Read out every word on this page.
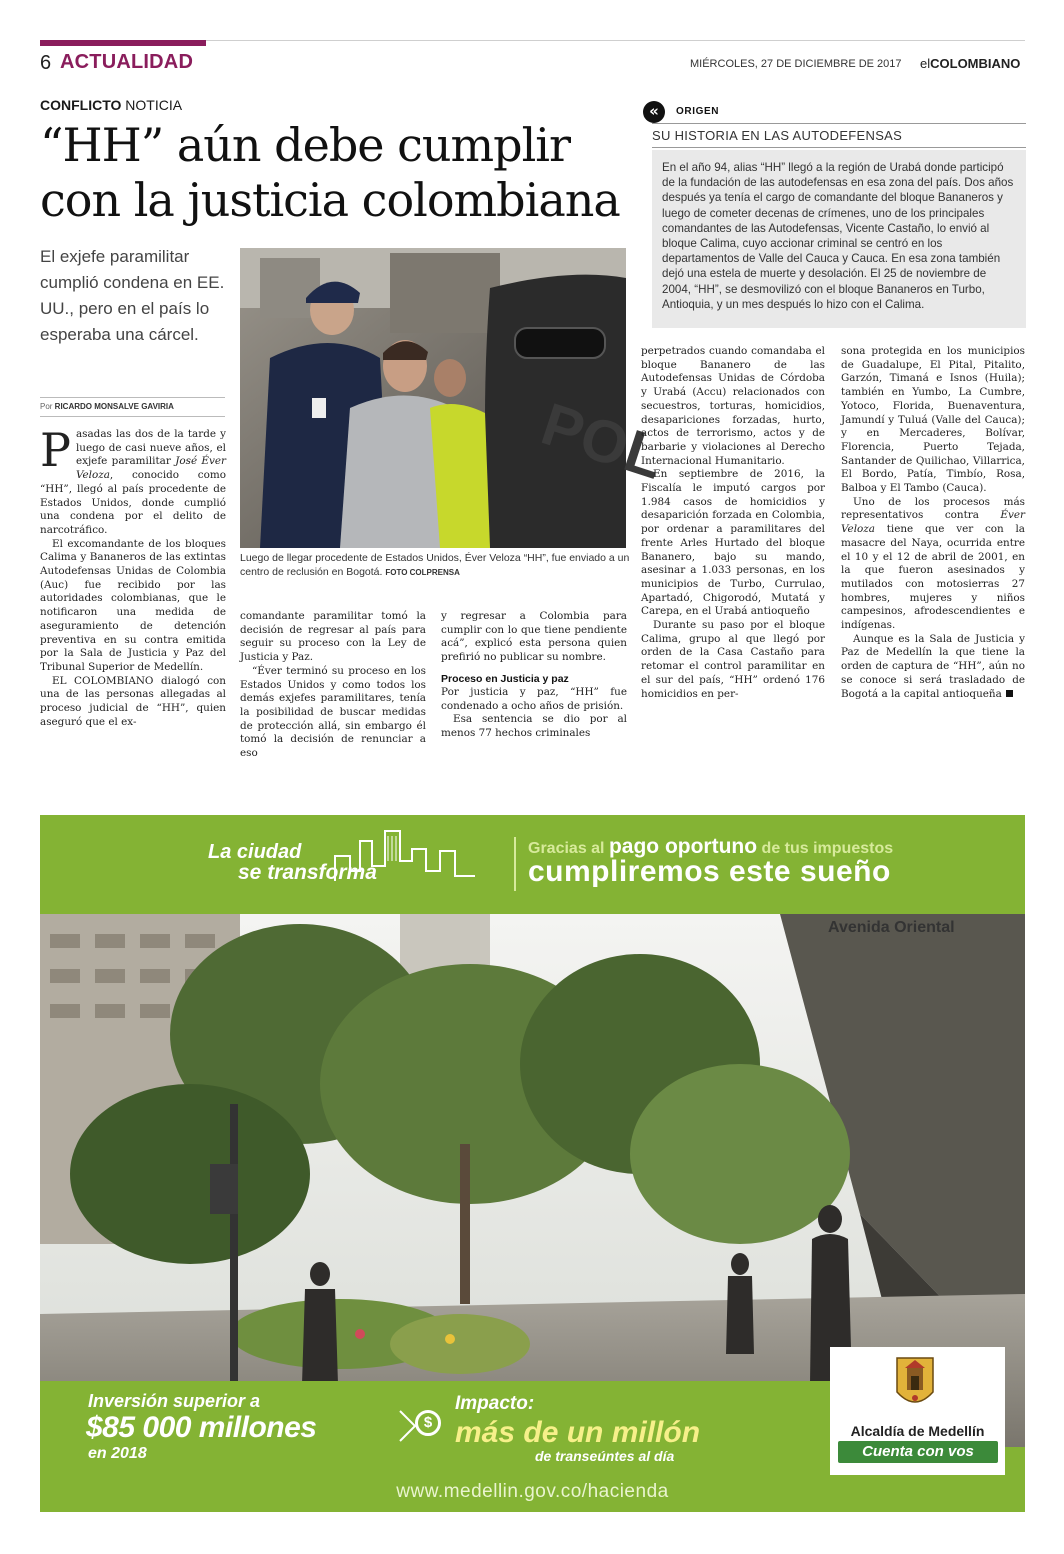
6 ACTUALIDAD	MIÉRCOLES, 27 DE DICIEMBRE DE 2017 elCOLOMBIANO
CONFLICTO NOTICIA
“HH” aún debe cumplir con la justicia colombiana
El exjefe paramilitar cumplió condena en EE. UU., pero en el país lo esperaba una cárcel.
Por RICARDO MONSALVE GAVIRIA	POL
Luego de llegar procedente de Estados Unidos, Éver Veloza “HH”, fue enviado a un centro de reclusión en Bogotá. FOTO COLPRENSA

Pasadas las dos de la tarde y luego de casi nueve años, el exjefe paramilitar José Éver Veloza, conocido como “HH”, llegó al país procedente de Estados Unidos, donde cumplió una condena por el delito de narcotráfico.

El excomandante de los bloques Calima y Bananeros de las extintas Autodefensas Unidas de Colombia (Auc) fue recibido por las autoridades colombianas, que le notificaron una medida de aseguramiento de detención preventiva en su contra emitida por la Sala de Justicia y Paz del Tribunal Superior de Medellín.

EL COLOMBIANO dialogó con una de las personas allegadas al proceso judicial de “HH”, quien aseguró que el ex-

comandante paramilitar tomó la decisión de regresar al país para seguir su proceso con la Ley de Justicia y Paz.

“Éver terminó su proceso en los Estados Unidos y como todos los demás exjefes paramilitares, tenía la posibilidad de buscar medidas de protección allá, sin embargo él tomó la decisión de renunciar a eso

y regresar a Colombia para cumplir con lo que tiene pendiente acá”, explicó esta persona quien prefirió no publicar su nombre.

Proceso en Justicia y paz

Por justicia y paz, “HH” fue condenado a ocho años de prisión.

Esa sentencia se dio por al menos 77 hechos criminales

perpetrados cuando comandaba el bloque Bananero de las Autodefensas Unidas de Córdoba y Urabá (Accu) relacionados con secuestros, torturas, homicidios, desapariciones forzadas, hurto, actos de terrorismo, actos y de barbarie y violaciones al Derecho Internacional Humanitario.

En septiembre de 2016, la Fiscalía le imputó cargos por 1.984 casos de homicidios y desaparición forzada en Colombia, por ordenar a paramilitares del frente Arles Hurtado del bloque Bananero, bajo su mando, asesinar a 1.033 personas, en los municipios de Turbo, Currulao, Apartadó, Chigorodó, Mutatá y Carepa, en el Urabá antioqueño

Durante su paso por el bloque Calima, grupo al que llegó por orden de la Casa Castaño para retomar el control paramilitar en el sur del país, “HH” ordenó 176 homicidios en per-

sona protegida en los municipios de Guadalupe, El Pital, Pitalito, Garzón, Timaná e Isnos (Huila); también en Yumbo, La Cumbre, Yotoco, Florida, Buenaventura, Jamundí y Tuluá (Valle del Cauca); y en Mercaderes, Bolívar, Florencia, Puerto Tejada, Santander de Quilichao, Villarrica, El Bordo, Patía, Timbío, Rosa, Balboa y El Tambo (Cauca).

Uno de los procesos más representativos contra Éver Veloza tiene que ver con la masacre del Naya, ocurrida entre el 10 y el 12 de abril de 2001, en la que fueron asesinados y mutilados con motosierras 27 hombres, mujeres y niños campesinos, afrodescendientes e indígenas.

Aunque es la Sala de Justicia y Paz de Medellín la que tiene la orden de captura de “HH”, aún no se conoce si será trasladado de Bogotá a la capital antioqueña

«	ORIGEN
SU HISTORIA EN LAS AUTODEFENSAS
En el año 94, alias “HH” llegó a la región de Urabá donde participó de la fundación de las autodefensas en esa zona del país. Dos años después ya tenía el cargo de comandante del bloque Bananeros y luego de cometer decenas de crímenes, uno de los principales comandantes de las Autodefensas, Vicente Castaño, lo envió al bloque Calima, cuyo accionar criminal se centró en los departamentos de Valle del Cauca y Cauca. En esa zona también dejó una estela de muerte y desolación. El 25 de noviembre de 2004, “HH”, se desmovilizó con el bloque Bananeros en Turbo, Antioquia, y un mes después lo hizo con el Calima.
La ciudad
se transforma
Gracias al pago oportuno de tus impuestos
cumpliremos este sueño
Avenida Oriental
Inversión superior a
$85 000 millones
en 2018
$
Impacto:
más de un millón
de transeúntes al día
Alcaldía de Medellín
Cuenta con vos
www.medellin.gov.co/hacienda
